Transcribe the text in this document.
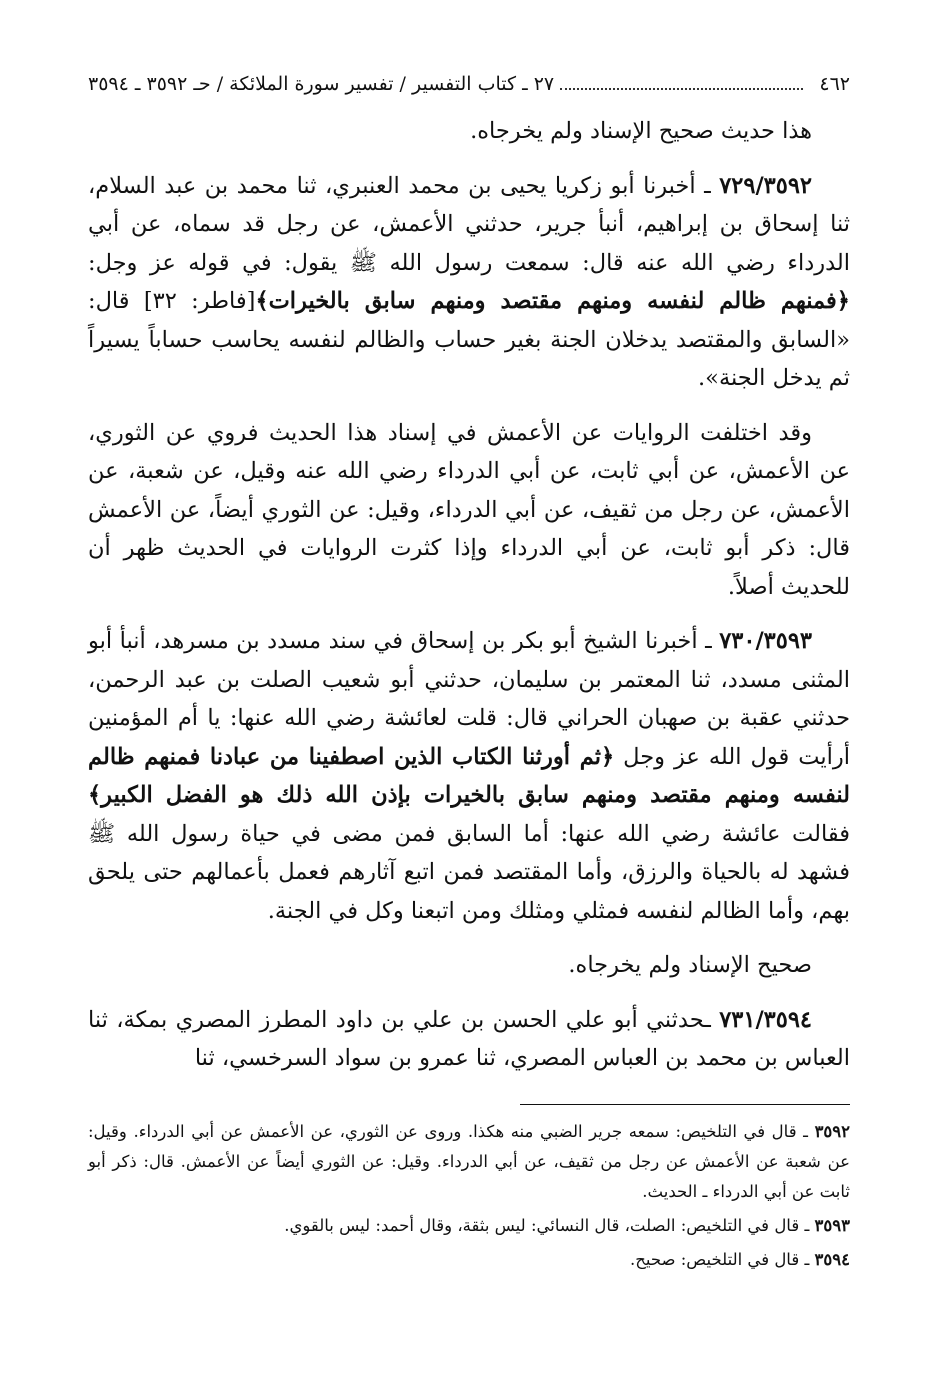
٤٦٢
٢٧ ـ كتاب التفسير / تفسير سورة الملائكة / حـ ٣٥٩٢ ـ ٣٥٩٤

هذا حديث صحيح الإسناد ولم يخرجاه.

٧٢٩/٣٥٩٢ ـ أخبرنا أبو زكريا يحيى بن محمد العنبري، ثنا محمد بن عبد السلام، ثنا إسحاق بن إبراهيم، أنبأ جرير، حدثني الأعمش، عن رجل قد سماه، عن أبي الدرداء رضي الله عنه قال: سمعت رسول الله ﷺ يقول: في قوله عز وجل: ﴿فمنهم ظالم لنفسه ومنهم مقتصد ومنهم سابق بالخيرات﴾[فاطر: ٣٢] قال: «السابق والمقتصد يدخلان الجنة بغير حساب والظالم لنفسه يحاسب حساباً يسيراً ثم يدخل الجنة».

وقد اختلفت الروايات عن الأعمش في إسناد هذا الحديث فروي عن الثوري، عن الأعمش، عن أبي ثابت، عن أبي الدرداء رضي الله عنه وقيل، عن شعبة، عن الأعمش، عن رجل من ثقيف، عن أبي الدرداء، وقيل: عن الثوري أيضاً، عن الأعمش قال: ذكر أبو ثابت، عن أبي الدرداء وإذا كثرت الروايات في الحديث ظهر أن للحديث أصلاً.

٧٣٠/٣٥٩٣ ـ أخبرنا الشيخ أبو بكر بن إسحاق في سند مسدد بن مسرهد، أنبأ أبو المثنى مسدد، ثنا المعتمر بن سليمان، حدثني أبو شعيب الصلت بن عبد الرحمن، حدثني عقبة بن صهبان الحراني قال: قلت لعائشة رضي الله عنها: يا أم المؤمنين أرأيت قول الله عز وجل ﴿ثم أورثنا الكتاب الذين اصطفينا من عبادنا فمنهم ظالم لنفسه ومنهم مقتصد ومنهم سابق بالخيرات بإذن الله ذلك هو الفضل الكبير﴾فقالت عائشة رضي الله عنها: أما السابق فمن مضى في حياة رسول الله ﷺ فشهد له بالحياة والرزق، وأما المقتصد فمن اتبع آثارهم فعمل بأعمالهم حتى يلحق بهم، وأما الظالم لنفسه فمثلي ومثلك ومن اتبعنا وكل في الجنة.

صحيح الإسناد ولم يخرجاه.

٧٣١/٣٥٩٤ ـحدثني أبو علي الحسن بن علي بن داود المطرز المصري بمكة، ثنا العباس بن محمد بن العباس المصري، ثنا عمرو بن سواد السرخسي، ثنا

٣٥٩٢ ـ قال في التلخيص: سمعه جرير الضبي منه هكذا. وروى عن الثوري، عن الأعمش عن أبي الدرداء. وقيل: عن شعبة عن الأعمش عن رجل من ثقيف، عن أبي الدرداء. وقيل: عن الثوري أيضاً عن الأعمش. قال: ذكر أبو ثابت عن أبي الدرداء ـ الحديث.

٣٥٩٣ ـ قال في التلخيص: الصلت، قال النسائي: ليس بثقة، وقال أحمد: ليس بالقوي.

٣٥٩٤ ـ قال في التلخيص: صحيح.
